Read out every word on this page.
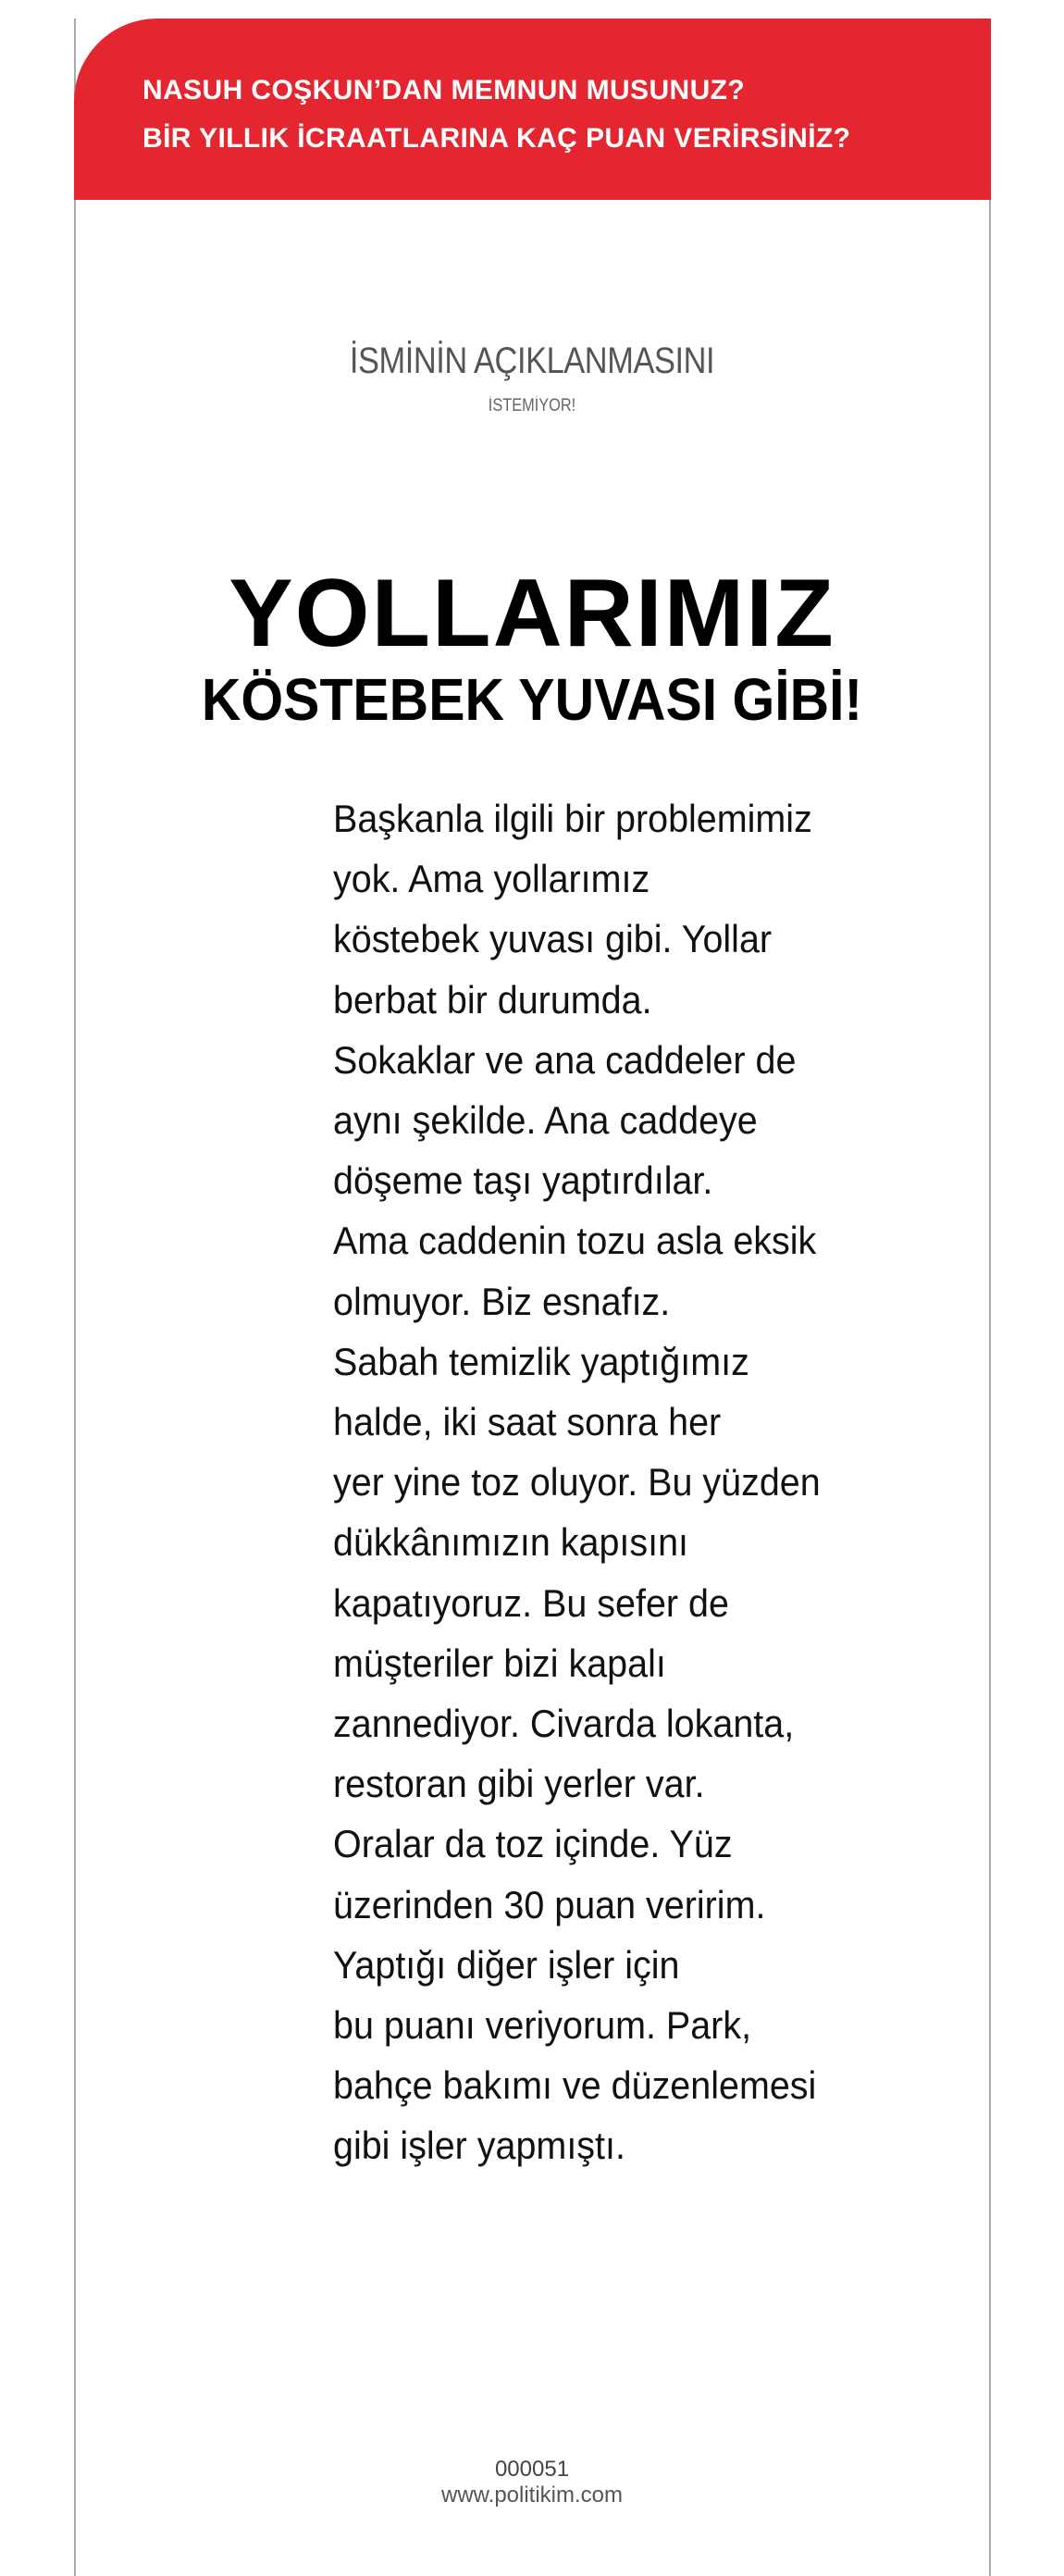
NASUH COŞKUN’DAN MEMNUN MUSUNUZ?
BİR YILLIK İCRAATLARINA KAÇ PUAN VERİRSİNİZ?
İSMİNİN AÇIKLANMASINI
İSTEMİYOR!
YOLLARIMIZ
KÖSTEBEK YUVASI GİBİ!
Başkanla ilgili bir problemimiz
yok. Ama yollarımız
köstebek yuvası gibi. Yollar
berbat bir durumda.
Sokaklar ve ana caddeler de
aynı şekilde. Ana caddeye
döşeme taşı yaptırdılar.
Ama caddenin tozu asla eksik
olmuyor. Biz esnafız.
Sabah temizlik yaptığımız
halde, iki saat sonra her
yer yine toz oluyor. Bu yüzden
dükkânımızın kapısını
kapatıyoruz. Bu sefer de
müşteriler bizi kapalı
zannediyor. Civarda lokanta,
restoran gibi yerler var.
Oralar da toz içinde. Yüz
üzerinden 30 puan veririm.
Yaptığı diğer işler için
bu puanı veriyorum. Park,
bahçe bakımı ve düzenlemesi
gibi işler yapmıştı.
000051
www.politikim.com
